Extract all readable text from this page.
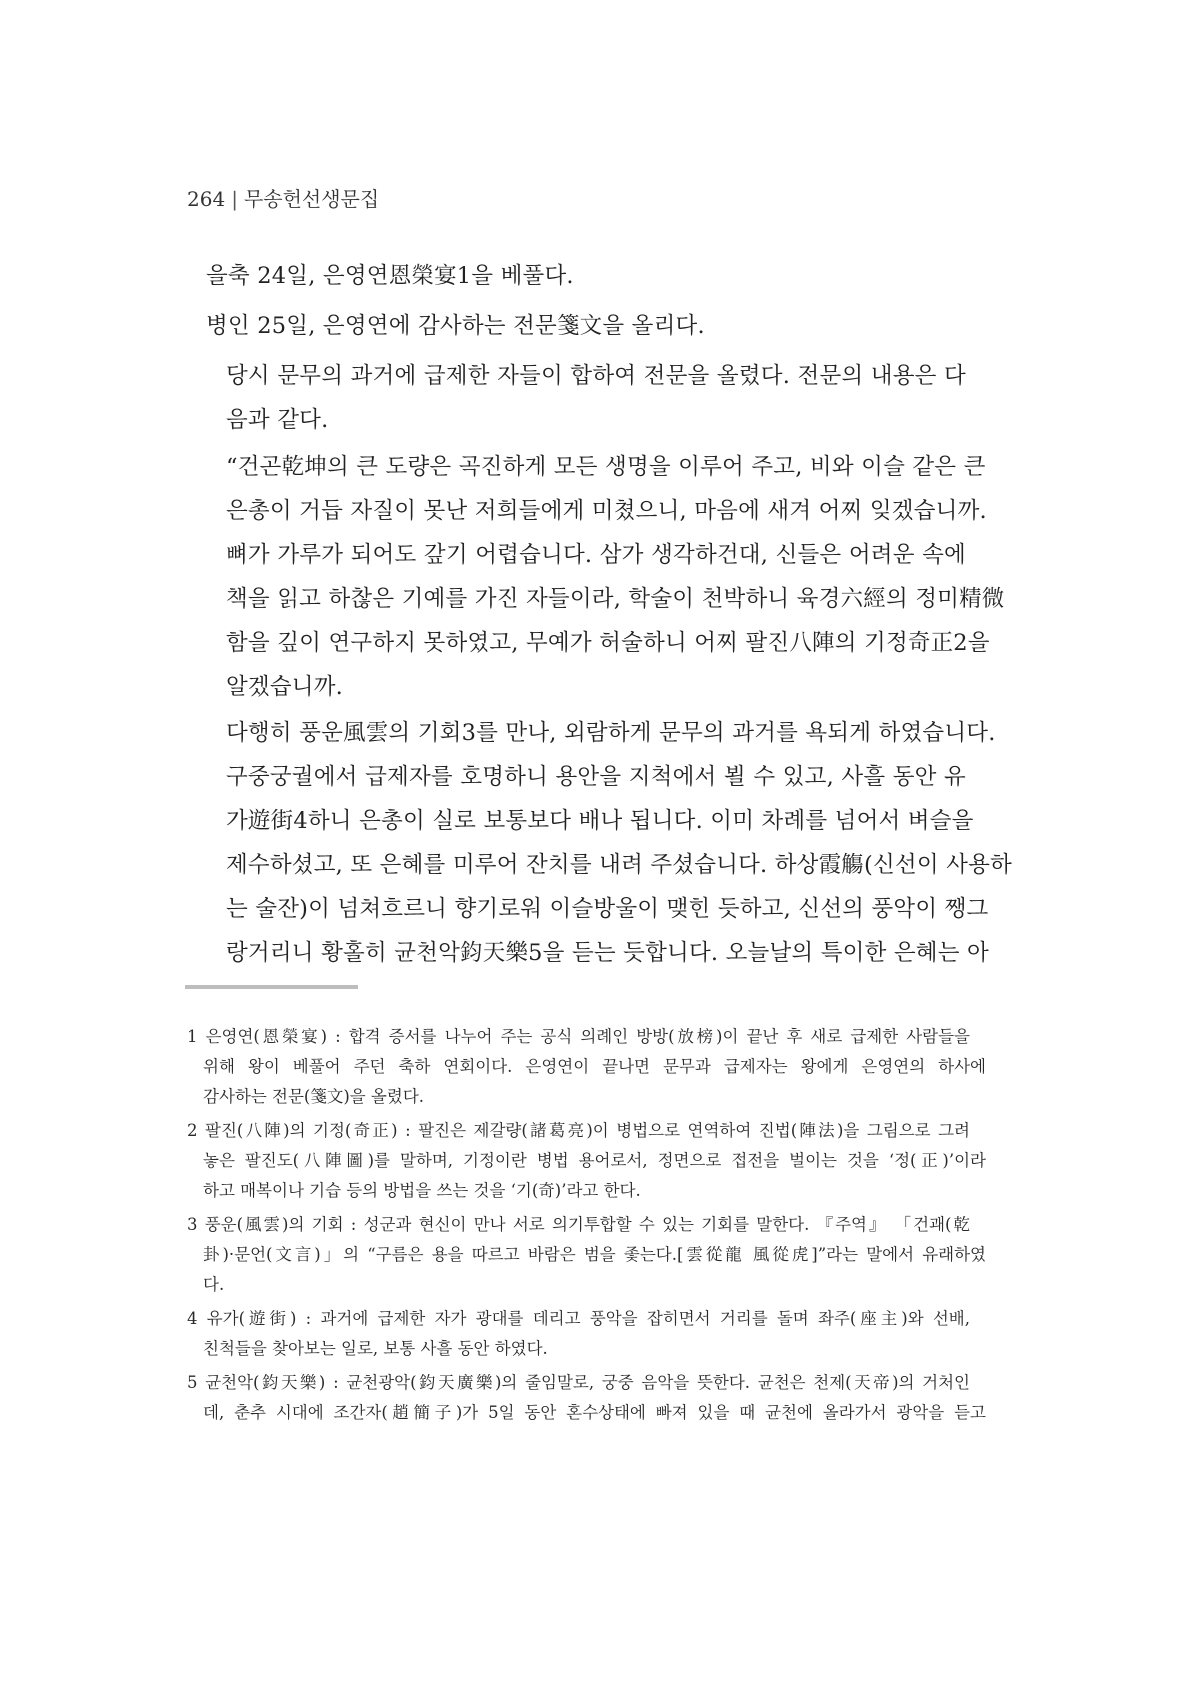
264 | 무송헌선생문집
을축 24일, 은영연恩榮宴1을 베풀다.
병인 25일, 은영연에 감사하는 전문箋文을 올리다.
당시 문무의 과거에 급제한 자들이 합하여 전문을 올렸다. 전문의 내용은 다
음과 같다.
“건곤乾坤의 큰 도량은 곡진하게 모든 생명을 이루어 주고, 비와 이슬 같은 큰
은총이 거듭 자질이 못난 저희들에게 미쳤으니, 마음에 새겨 어찌 잊겠습니까.
뼈가 가루가 되어도 갚기 어렵습니다. 삼가 생각하건대, 신들은 어려운 속에
책을 읽고 하찮은 기예를 가진 자들이라, 학술이 천박하니 육경六經의 정미精微
함을 깊이 연구하지 못하였고, 무예가 허술하니 어찌 팔진八陣의 기정奇正2을
알겠습니까.
다행히 풍운風雲의 기회3를 만나, 외람하게 문무의 과거를 욕되게 하였습니다.
구중궁궐에서 급제자를 호명하니 용안을 지척에서 뵐 수 있고, 사흘 동안 유
가遊街4하니 은총이 실로 보통보다 배나 됩니다. 이미 차례를 넘어서 벼슬을
제수하셨고, 또 은혜를 미루어 잔치를 내려 주셨습니다. 하상霞觴(신선이 사용하
는 술잔)이 넘쳐흐르니 향기로워 이슬방울이 맺힌 듯하고, 신선의 풍악이 쨍그
랑거리니 황홀히 균천악鈞天樂5을 듣는 듯합니다. 오늘날의 특이한 은혜는 아
1 은영연(恩榮宴) : 합격 증서를 나누어 주는 공식 의례인 방방(放榜)이 끝난 후 새로 급제한 사람들을
위해 왕이 베풀어 주던 축하 연회이다. 은영연이 끝나면 문무과 급제자는 왕에게 은영연의 하사에
감사하는 전문(箋文)을 올렸다.
2 팔진(八陣)의 기정(奇正) : 팔진은 제갈량(諸葛亮)이 병법으로 연역하여 진법(陣法)을 그림으로 그려
놓은 팔진도(八陣圖)를 말하며, 기정이란 병법 용어로서, 정면으로 접전을 벌이는 것을 ‘정(正)’이라
하고 매복이나 기습 등의 방법을 쓰는 것을 ‘기(奇)’라고 한다.
3 풍운(風雲)의 기회 : 성군과 현신이 만나 서로 의기투합할 수 있는 기회를 말한다. 『주역』 「건괘(乾
卦)·문언(文言)」의 “구름은 용을 따르고 바람은 범을 좇는다.[雲從龍 風從虎]”라는 말에서 유래하였
다.
4 유가(遊街) : 과거에 급제한 자가 광대를 데리고 풍악을 잡히면서 거리를 돌며 좌주(座主)와 선배,
친척들을 찾아보는 일로, 보통 사흘 동안 하였다.
5 균천악(鈞天樂) : 균천광악(鈞天廣樂)의 줄임말로, 궁중 음악을 뜻한다. 균천은 천제(天帝)의 거처인
데, 춘추 시대에 조간자(趙簡子)가 5일 동안 혼수상태에 빠져 있을 때 균천에 올라가서 광악을 듣고
